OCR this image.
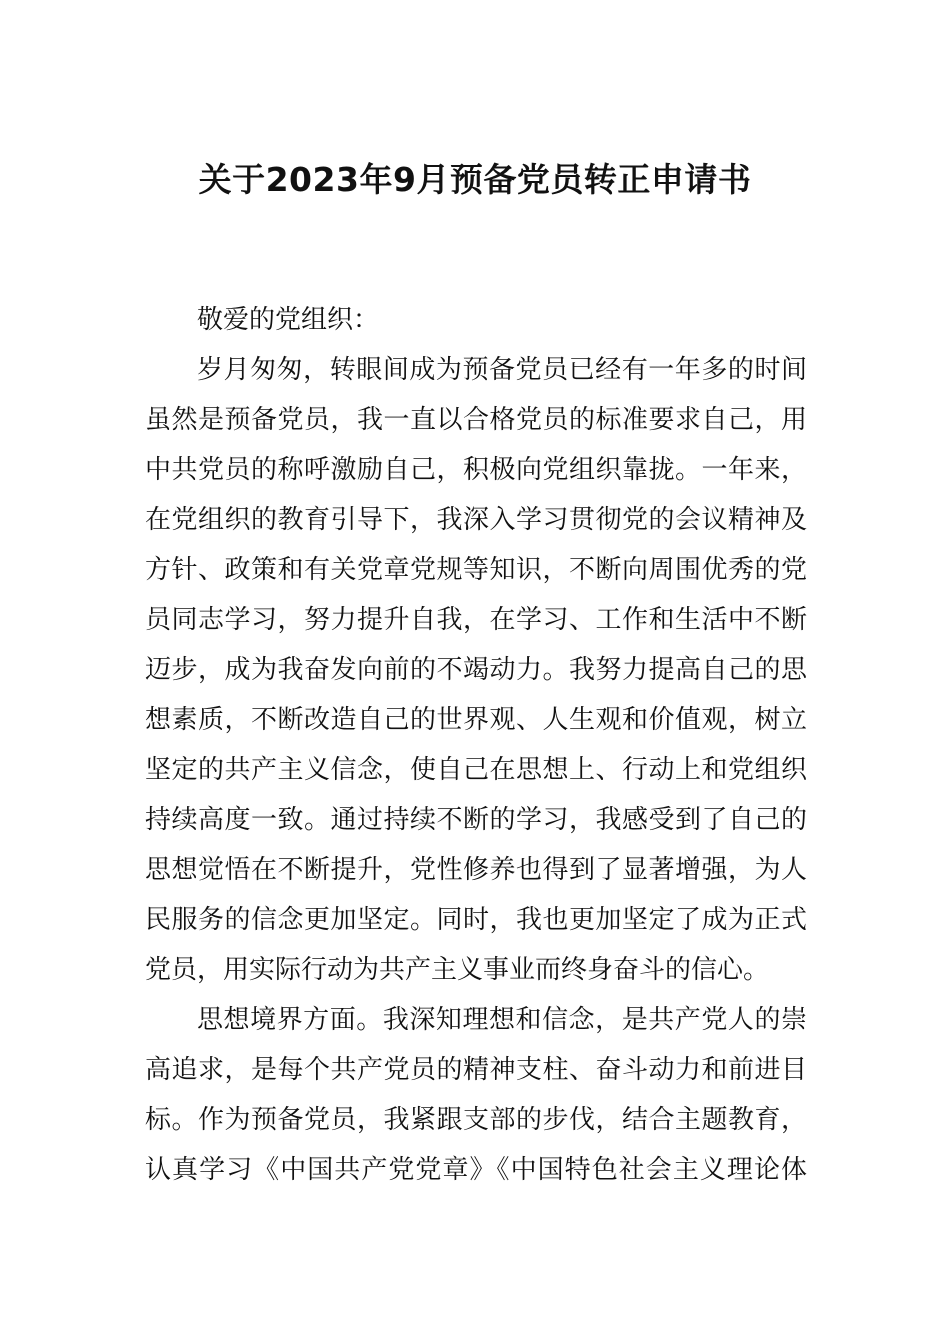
关于2023年9月预备党员转正申请书
敬爱的党组织：
岁月匆匆，转眼间成为预备党员已经有一年多的时间
虽然是预备党员，我一直以合格党员的标准要求自己，用
中共党员的称呼激励自己，积极向党组织靠拢。一年来，
在党组织的教育引导下，我深入学习贯彻党的会议精神及
方针、政策和有关党章党规等知识，不断向周围优秀的党
员同志学习，努力提升自我，在学习、工作和生活中不断
迈步，成为我奋发向前的不竭动力。我努力提高自己的思
想素质，不断改造自己的世界观、人生观和价值观，树立
坚定的共产主义信念，使自己在思想上、行动上和党组织
持续高度一致。通过持续不断的学习，我感受到了自己的
思想觉悟在不断提升，党性修养也得到了显著增强，为人
民服务的信念更加坚定。同时，我也更加坚定了成为正式
党员，用实际行动为共产主义事业而终身奋斗的信心。
思想境界方面。我深知理想和信念，是共产党人的崇
高追求，是每个共产党员的精神支柱、奋斗动力和前进目
标。作为预备党员，我紧跟支部的步伐，结合主题教育，
认真学习《中国共产党党章》《中国特色社会主义理论体
